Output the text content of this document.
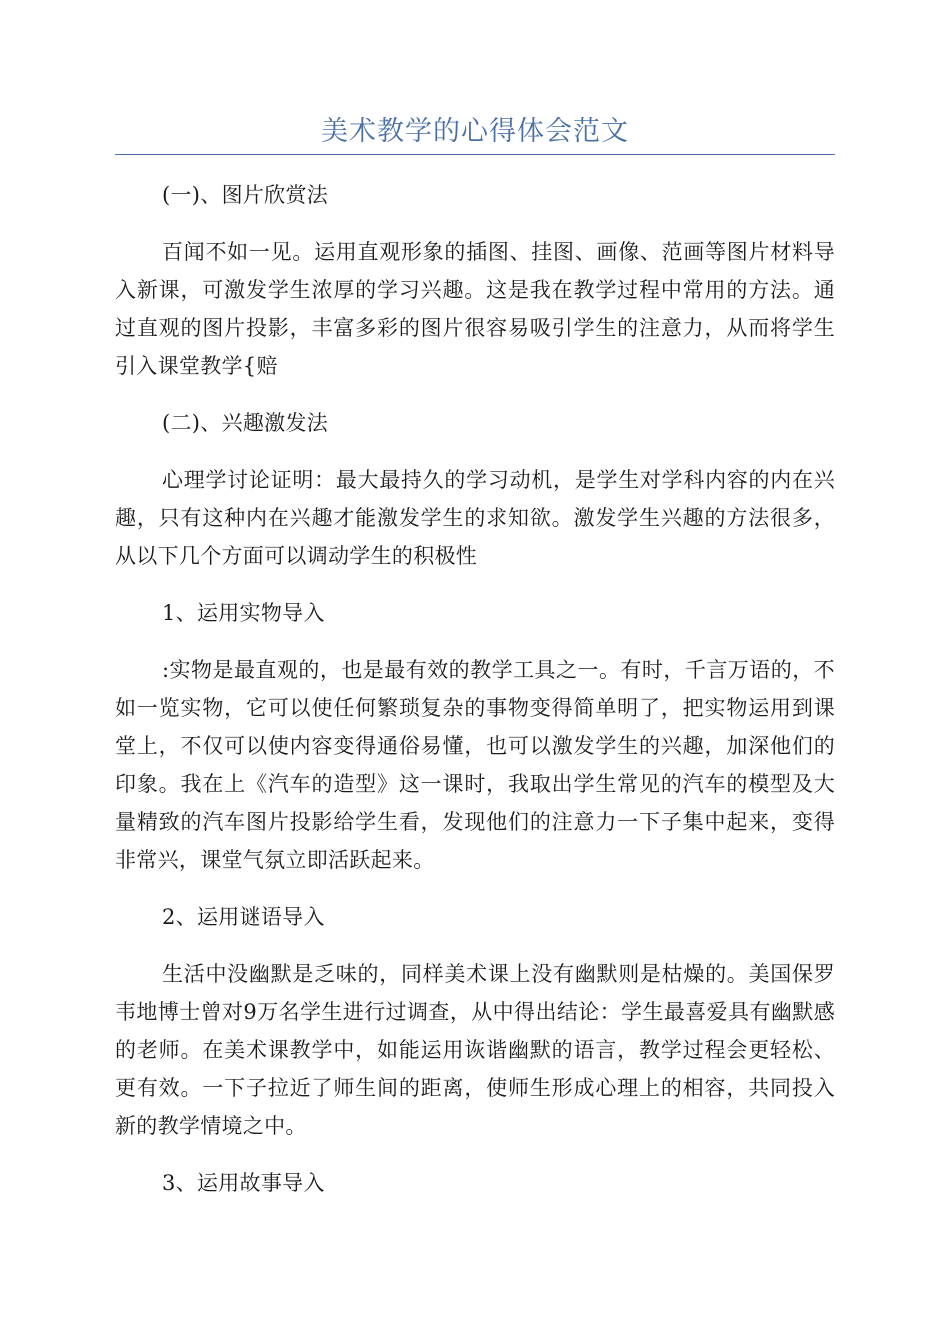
美术教学的心得体会范文

(一)、图片欣赏法

百闻不如一见。运用直观形象的插图、挂图、画像、范画等图片材料导入新课，可激发学生浓厚的学习兴趣。这是我在教学过程中常用的方法。通过直观的图片投影，丰富多彩的图片很容易吸引学生的注意力，从而将学生引入课堂教学{赔

(二)、兴趣激发法

心理学讨论证明：最大最持久的学习动机，是学生对学科内容的内在兴趣，只有这种内在兴趣才能激发学生的求知欲。激发学生兴趣的方法很多，从以下几个方面可以调动学生的积极性

1、运用实物导入

:实物是最直观的，也是最有效的教学工具之一。有时，千言万语的，不如一览实物，它可以使任何繁琐复杂的事物变得简单明了，把实物运用到课堂上，不仅可以使内容变得通俗易懂，也可以激发学生的兴趣，加深他们的印象。我在上《汽车的造型》这一课时，我取出学生常见的汽车的模型及大量精致的汽车图片投影给学生看，发现他们的注意力一下子集中起来，变得非常兴，课堂气氛立即活跃起来。

2、运用谜语导入

生活中没幽默是乏味的，同样美术课上没有幽默则是枯燥的。美国保罗韦地博士曾对9万名学生进行过调查，从中得出结论：学生最喜爱具有幽默感的老师。在美术课教学中，如能运用诙谐幽默的语言，教学过程会更轻松、更有效。一下子拉近了师生间的距离，使师生形成心理上的相容，共同投入新的教学情境之中。

3、运用故事导入
